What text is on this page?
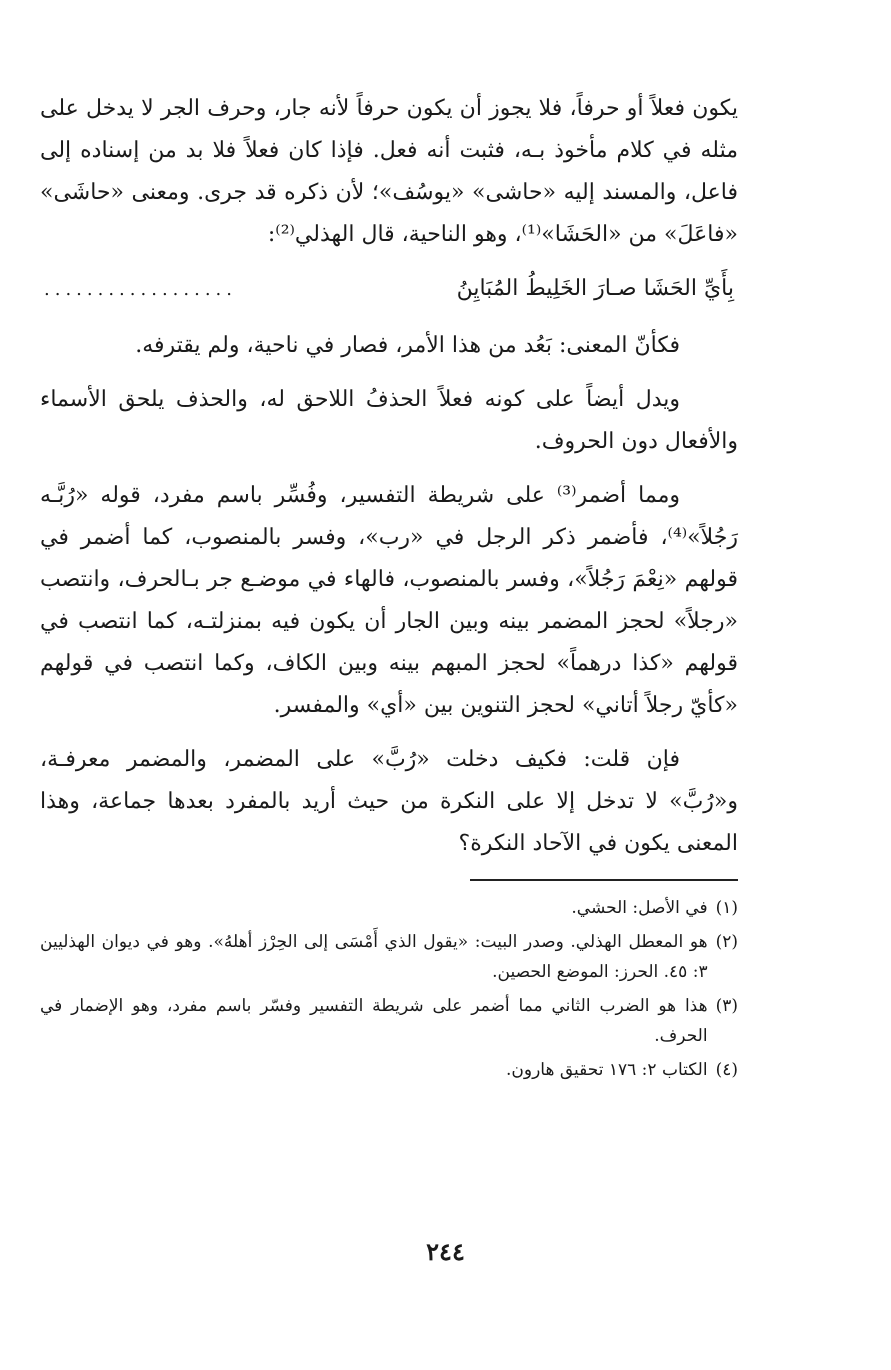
يكون فعلاً أو حرفاً، فلا يجوز أن يكون حرفاً لأنه جار، وحرف الجر لا يدخل على مثله في كلام مأخوذ بـه، فثبت أنه فعل. فإذا كان فعلاً فلا بد من إسناده إلى فاعل، والمسند إليه «حاشى» «يوسُف»؛ لأن ذكره قد جرى. ومعنى «حاشَى» «فاعَلَ» من «الحَشَا»⁽¹⁾، وهو الناحية، قال الهذلي⁽²⁾:

بِأَيِّ الحَشَا صـارَ الخَلِيطُ المُبَايِنُ
..................

فكأنّ المعنى: بَعُد من هذا الأمر، فصار في ناحية، ولم يقترفه.

ويدل أيضاً على كونه فعلاً الحذفُ اللاحق له، والحذف يلحق الأسماء والأفعال دون الحروف.

ومما أضمر⁽³⁾ على شريطة التفسير، وفُسِّر باسم مفرد، قوله «رُبَّـه رَجُلاً»⁽⁴⁾، فأضمر ذكر الرجل في «رب»، وفسر بالمنصوب، كما أضمر في قولهم «نِعْمَ رَجُلاً»، وفسر بالمنصوب، فالهاء في موضـع جر بـالحرف، وانتصب «رجلاً» لحجز المضمر بينه وبين الجار أن يكون فيه بمنزلتـه، كما انتصب في قولهم «كذا درهماً» لحجز المبهم بينه وبين الكاف، وكما انتصب في قولهم «كأيّ رجلاً أتاني» لحجز التنوين بين «أي» والمفسر.

فإن قلت: فكيف دخلت «رُبَّ» على المضمر، والمضمر معرفـة، و«رُبَّ» لا تدخل إلا على النكرة من حيث أريد بالمفرد بعدها جماعة، وهذا المعنى يكون في الآحاد النكرة؟

(١)
في الأصل: الحشي.
(٢)
هو المعطل الهذلي. وصدر البيت: «يقول الذي أَمْسَى إلى الحِرْز أهلهُ». وهو في ديوان الهذليين ٣: ٤٥. الحرز: الموضع الحصين.
(٣)
هذا هو الضرب الثاني مما أضمر على شريطة التفسير وفسّر باسم مفرد، وهو الإضمار في الحرف.
(٤)
الكتاب ٢: ١٧٦ تحقيق هارون.
٢٤٤
